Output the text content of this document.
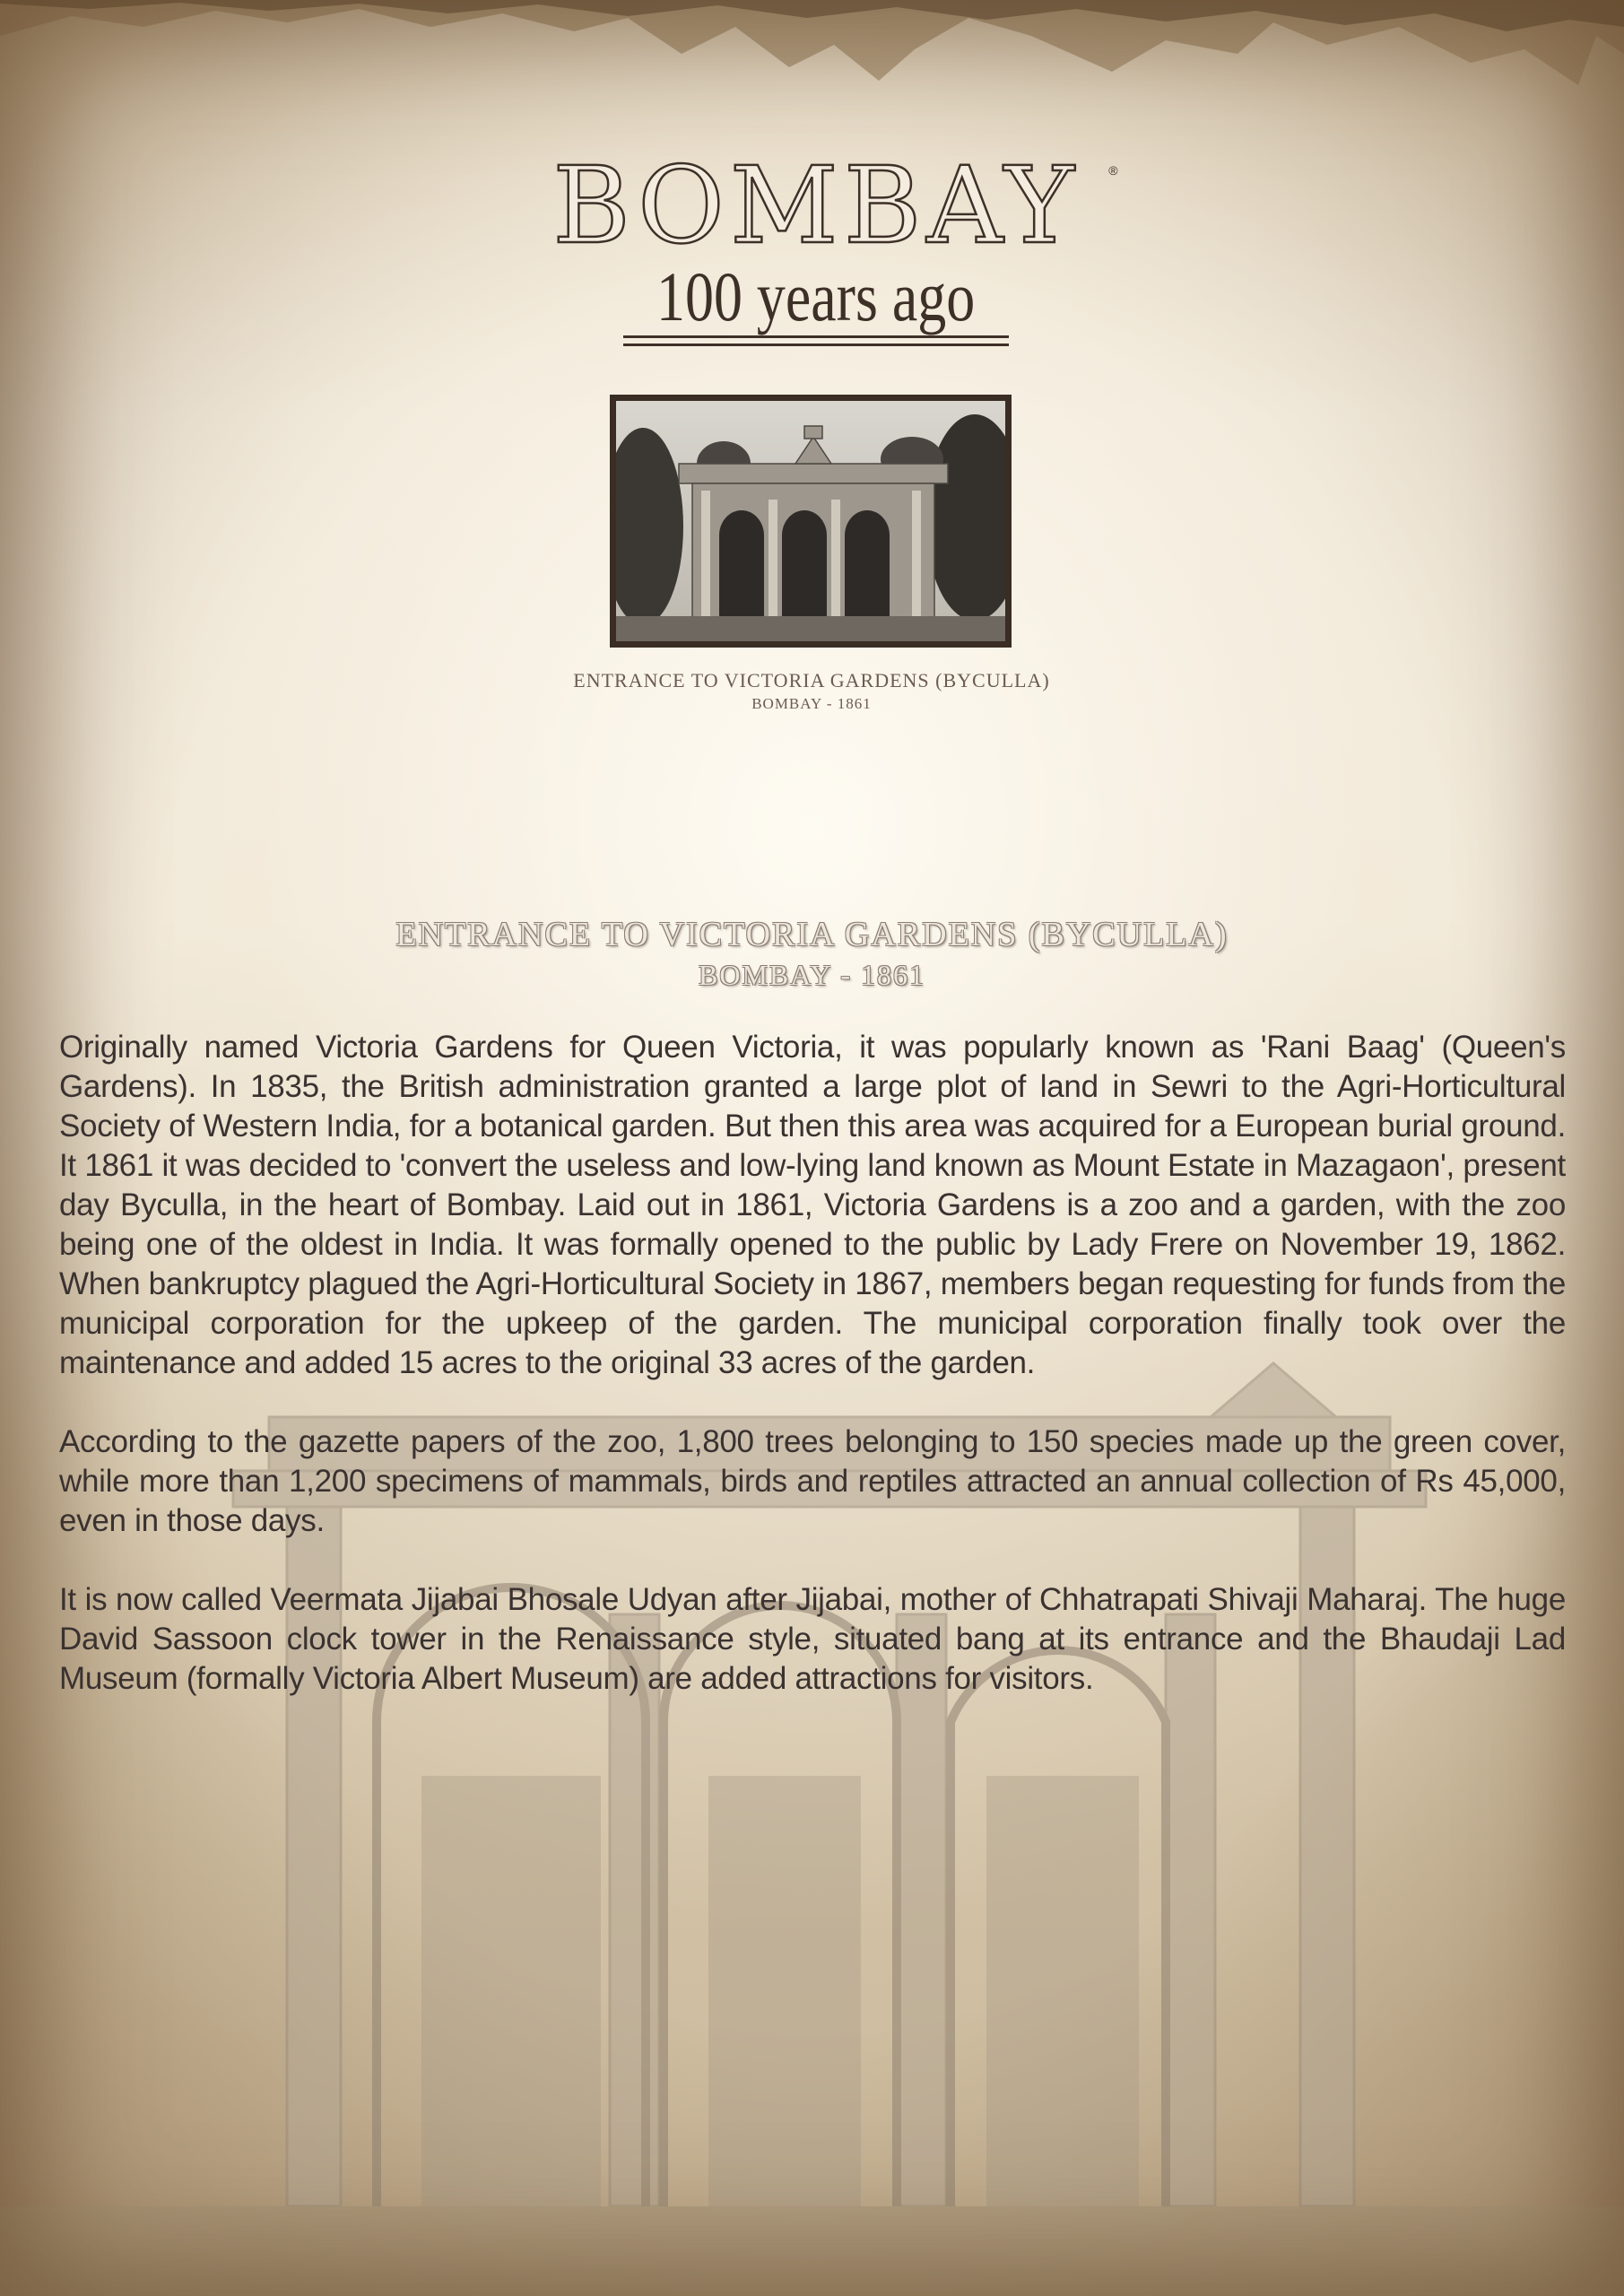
BOMBAY ®
100 years ago
ENTRANCE TO VICTORIA GARDENS (BYCULLA)
BOMBAY - 1861
ENTRANCE TO VICTORIA GARDENS (BYCULLA)
BOMBAY - 1861

Originally named Victoria Gardens for Queen Victoria, it was popularly known as 'Rani Baag' (Queen's Gardens). In 1835, the British administration granted a large plot of land in Sewri to the Agri-Horticultural Society of Western India, for a botanical garden. But then this area was acquired for a European burial ground. It 1861 it was decided to 'convert the useless and low-lying land known as Mount Estate in Mazagaon', present day Byculla, in the heart of Bombay. Laid out in 1861, Victoria Gardens is a zoo and a garden, with the zoo being one of the oldest in India. It was formally opened to the public by Lady Frere on November 19, 1862. When bankruptcy plagued the Agri-Horticultural Society in 1867, members began requesting for funds from the municipal corporation for the upkeep of the garden. The municipal corporation finally took over the maintenance and added 15 acres to the original 33 acres of the garden.

According to the gazette papers of the zoo, 1,800 trees belonging to 150 species made up the green cover, while more than 1,200 specimens of mammals, birds and reptiles attracted an annual collection of Rs 45,000, even in those days.

It is now called Veermata Jijabai Bhosale Udyan after Jijabai, mother of Chhatrapati Shivaji Maharaj. The huge David Sassoon clock tower in the Renaissance style, situated bang at its entrance and the Bhaudaji Lad Museum (formally Victoria Albert Museum) are added attractions for visitors.
